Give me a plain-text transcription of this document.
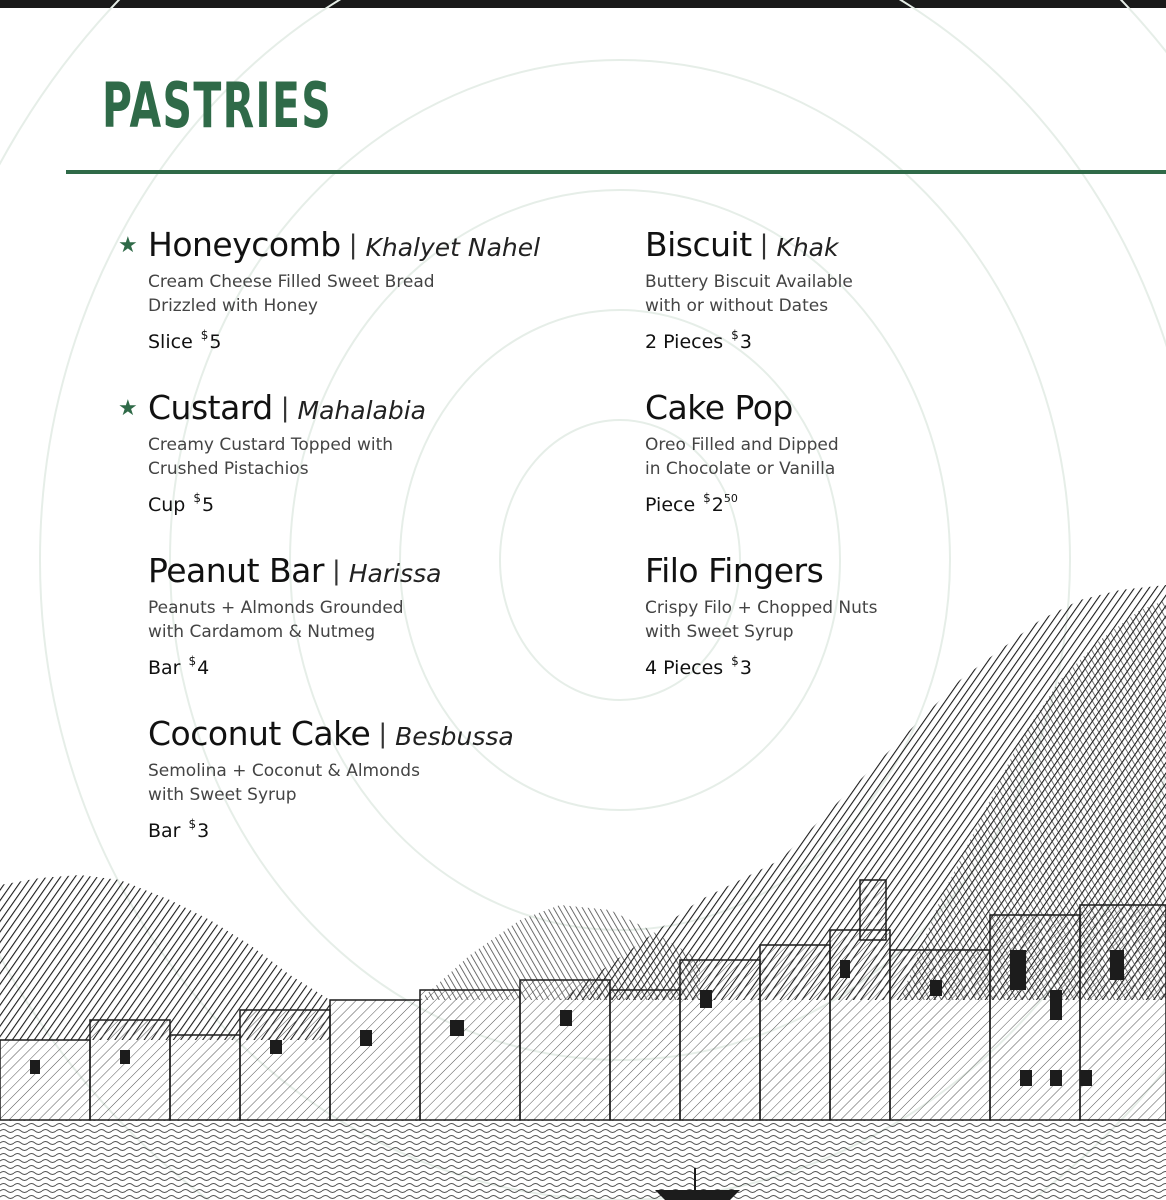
PASTRIES
★ Honeycomb | Khalyet Nahel
Cream Cheese Filled Sweet Bread
Drizzled with Honey
Slice $5
★ Custard | Mahalabia
Creamy Custard Topped with
Crushed Pistachios
Cup $5
Peanut Bar | Harissa
Peanuts + Almonds Grounded
with Cardamom & Nutmeg
Bar $4
Coconut Cake | Besbussa
Semolina + Coconut & Almonds
with Sweet Syrup
Bar $3
Biscuit | Khak
Buttery Biscuit Available
with or without Dates
2 Pieces $3
Cake Pop
Oreo Filled and Dipped
in Chocolate or Vanilla
Piece $^{\$}2^{50}$
Filo Fingers
Crispy Filo + Chopped Nuts
with Sweet Syrup
4 Pieces $3
